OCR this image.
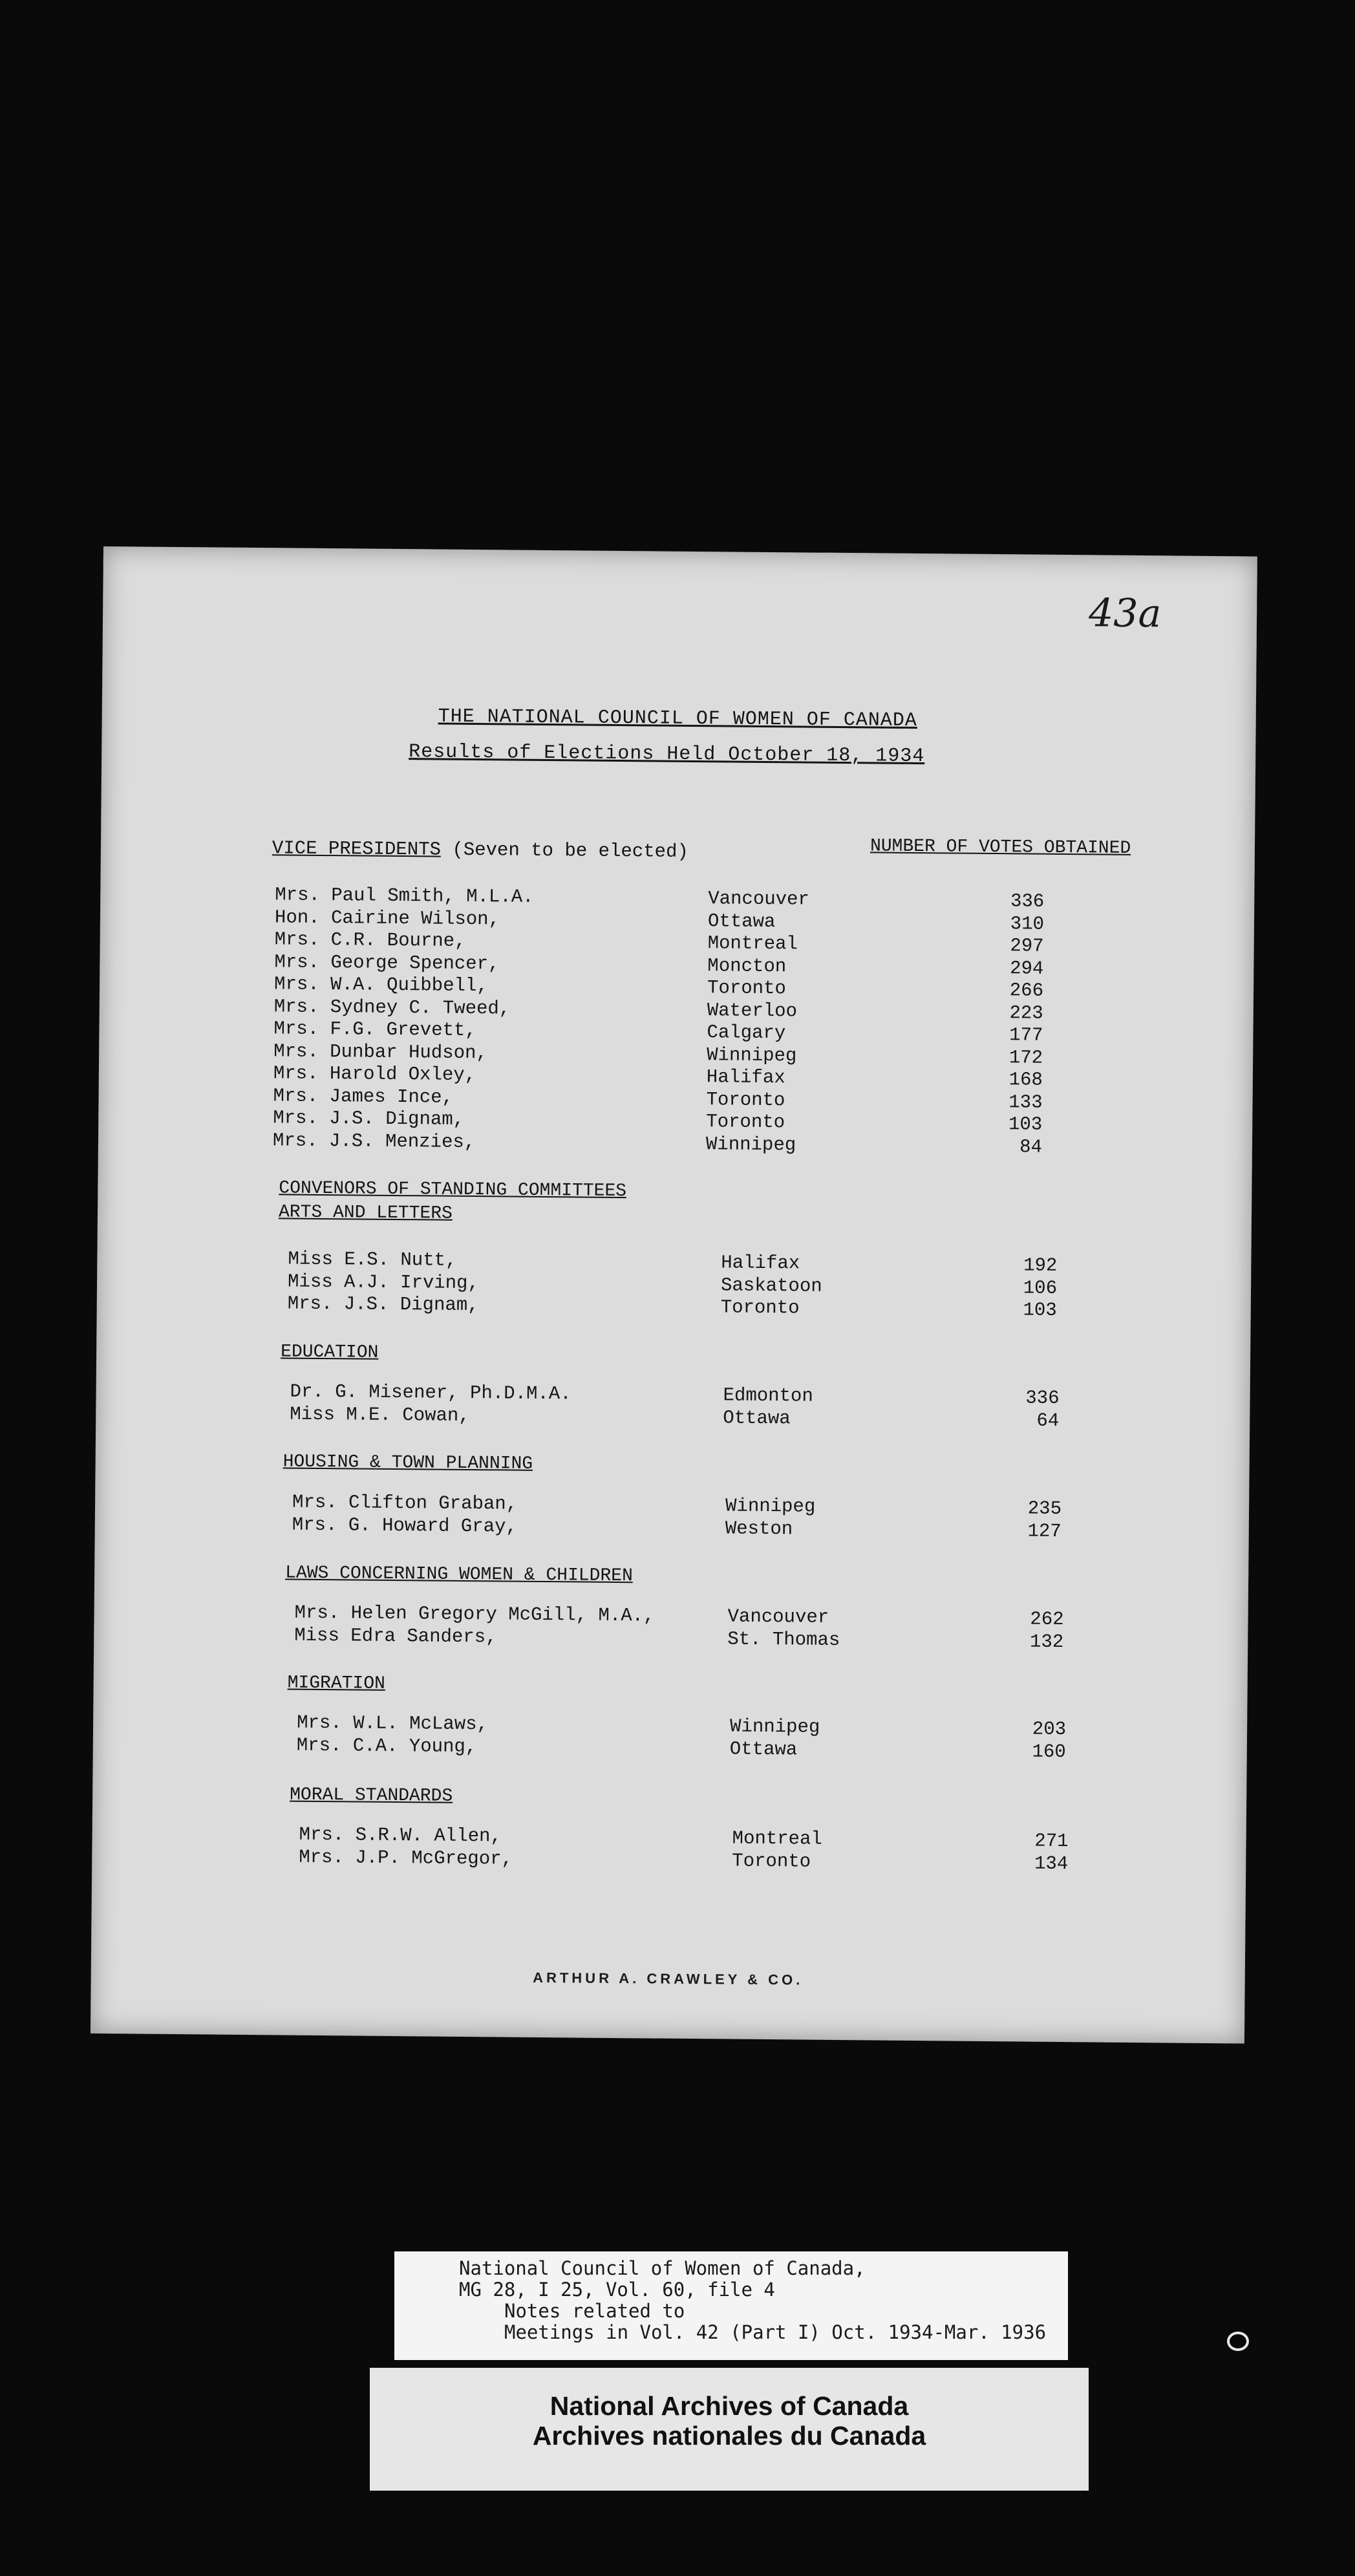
43a
THE NATIONAL COUNCIL OF WOMEN OF CANADA
Results of Elections Held October 18, 1934
VICE PRESIDENTS (Seven to be elected)	NUMBER OF VOTES OBTAINED
Mrs. Paul Smith, M.L.A.	Vancouver	336
Hon. Cairine Wilson,	Ottawa	310
Mrs. C.R. Bourne,	Montreal	297
Mrs. George Spencer,	Moncton	294
Mrs. W.A. Quibbell,	Toronto	266
Mrs. Sydney C. Tweed,	Waterloo	223
Mrs. F.G. Grevett,	Calgary	177
Mrs. Dunbar Hudson,	Winnipeg	172
Mrs. Harold Oxley,	Halifax	168
Mrs. James Ince,	Toronto	133
Mrs. J.S. Dignam,	Toronto	103
Mrs. J.S. Menzies,	Winnipeg	84
CONVENORS OF STANDING COMMITTEES
ARTS AND LETTERS
Miss E.S. Nutt,	Halifax	192
Miss A.J. Irving,	Saskatoon	106
Mrs. J.S. Dignam,	Toronto	103
EDUCATION
Dr. G. Misener, Ph.D.M.A.	Edmonton	336
Miss M.E. Cowan,	Ottawa	64
HOUSING & TOWN PLANNING
Mrs. Clifton Graban,	Winnipeg	235
Mrs. G. Howard Gray,	Weston	127
LAWS CONCERNING WOMEN & CHILDREN
Mrs. Helen Gregory McGill, M.A.,	Vancouver	262
Miss Edra Sanders,	St. Thomas	132
MIGRATION
Mrs. W.L. McLaws,	Winnipeg	203
Mrs. C.A. Young,	Ottawa	160
MORAL STANDARDS
Mrs. S.R.W. Allen,	Montreal	271
Mrs. J.P. McGregor,	Toronto	134
ARTHUR A. CRAWLEY & CO.
National Council of Women of Canada,
MG 28, I 25, Vol. 60, file 4
Notes related to
Meetings in Vol. 42 (Part I) Oct. 1934-Mar. 1936
National Archives of Canada
Archives nationales du Canada
